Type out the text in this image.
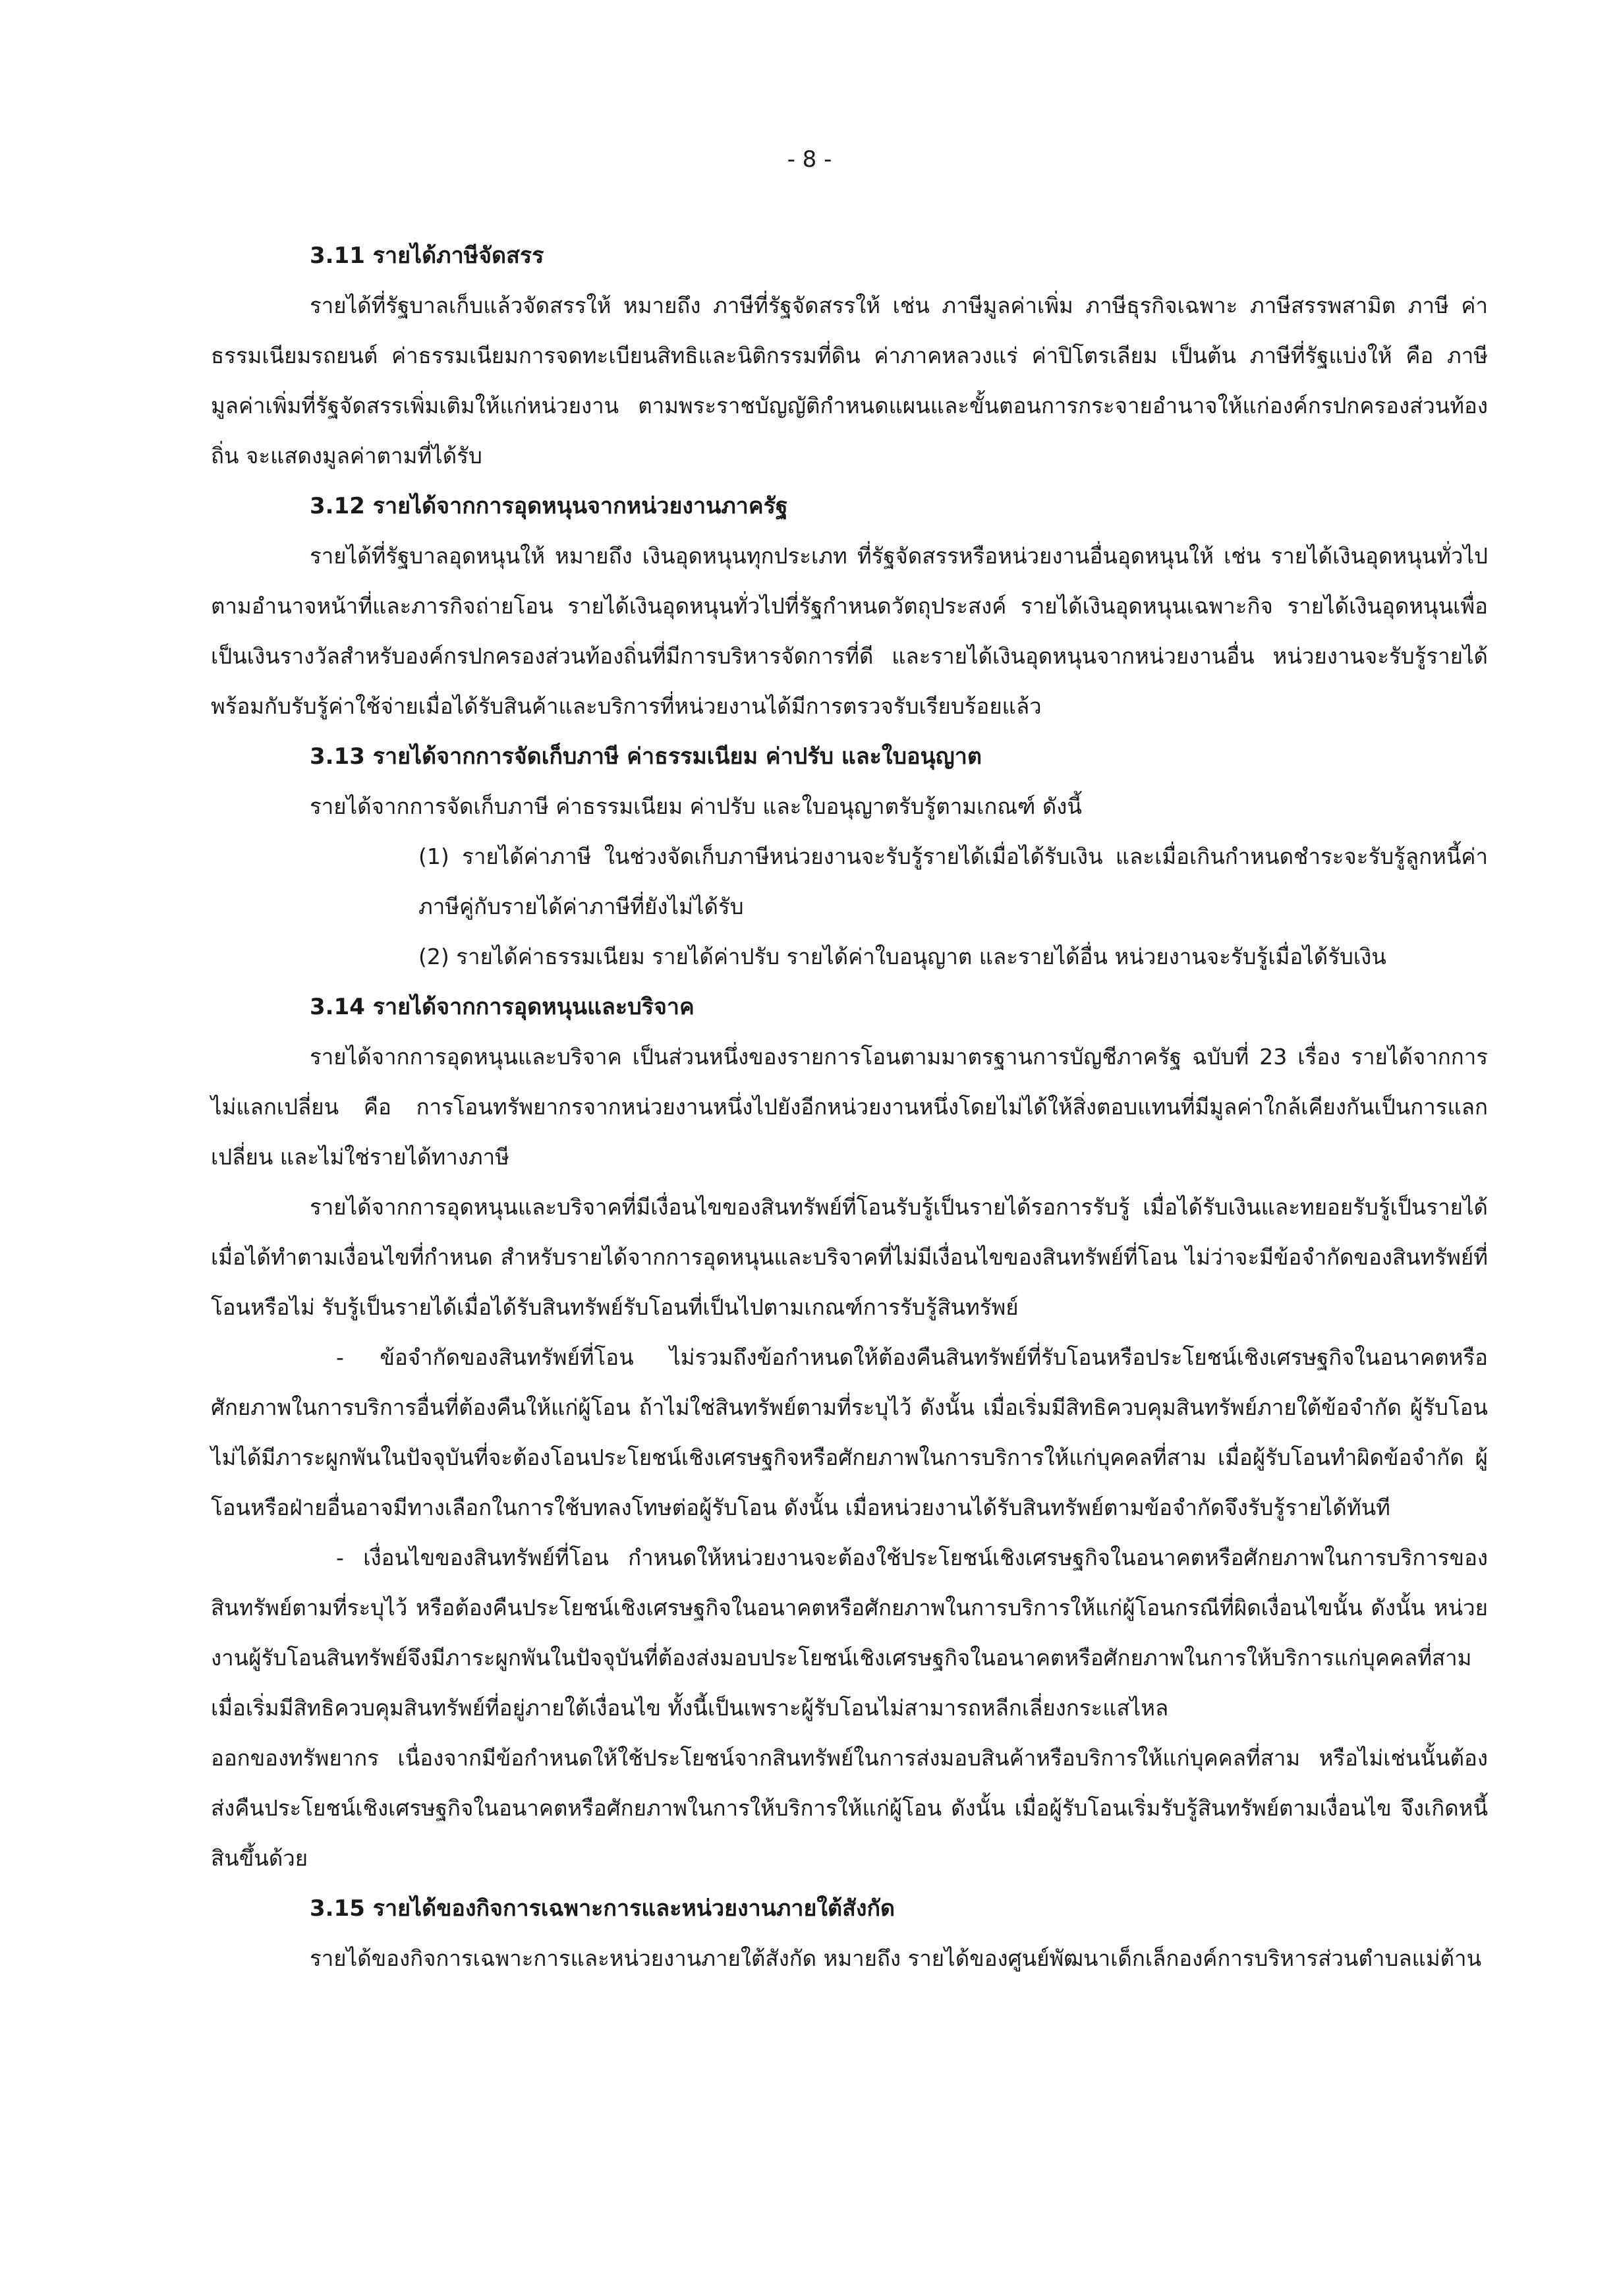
- 8 -
3.11 รายได้ภาษีจัดสรร

รายได้ที่รัฐบาลเก็บแล้วจัดสรรให้ หมายถึง ภาษีที่รัฐจัดสรรให้ เช่น ภาษีมูลค่าเพิ่ม ภาษีธุรกิจเฉพาะ ภาษีสรรพสามิต ภาษี ค่าธรรมเนียมรถยนต์ ค่าธรรมเนียมการจดทะเบียนสิทธิและนิติกรรมที่ดิน ค่าภาคหลวงแร่ ค่าปิโตรเลียม เป็นต้น ภาษีที่รัฐแบ่งให้ คือ ภาษีมูลค่าเพิ่มที่รัฐจัดสรรเพิ่มเติมให้แก่หน่วยงาน ตามพระราชบัญญัติกำหนดแผนและขั้นตอนการกระจายอำนาจให้แก่องค์กรปกครองส่วนท้องถิ่น จะแสดงมูลค่าตามที่ได้รับ

3.12 รายได้จากการอุดหนุนจากหน่วยงานภาครัฐ

รายได้ที่รัฐบาลอุดหนุนให้ หมายถึง เงินอุดหนุนทุกประเภท ที่รัฐจัดสรรหรือหน่วยงานอื่นอุดหนุนให้ เช่น รายได้เงินอุดหนุนทั่วไปตามอำนาจหน้าที่และภารกิจถ่ายโอน รายได้เงินอุดหนุนทั่วไปที่รัฐกำหนดวัตถุประสงค์ รายได้เงินอุดหนุนเฉพาะกิจ รายได้เงินอุดหนุนเพื่อเป็นเงินรางวัลสำหรับองค์กรปกครองส่วนท้องถิ่นที่มีการบริหารจัดการที่ดี และรายได้เงินอุดหนุนจากหน่วยงานอื่น หน่วยงานจะรับรู้รายได้พร้อมกับรับรู้ค่าใช้จ่ายเมื่อได้รับสินค้าและบริการที่หน่วยงานได้มีการตรวจรับเรียบร้อยแล้ว

3.13 รายได้จากการจัดเก็บภาษี ค่าธรรมเนียม ค่าปรับ และใบอนุญาต

รายได้จากการจัดเก็บภาษี ค่าธรรมเนียม ค่าปรับ และใบอนุญาตรับรู้ตามเกณฑ์ ดังนี้

(1) รายได้ค่าภาษี ในช่วงจัดเก็บภาษีหน่วยงานจะรับรู้รายได้เมื่อได้รับเงิน และเมื่อเกินกำหนดชำระจะรับรู้ลูกหนี้ค่าภาษีคู่กับรายได้ค่าภาษีที่ยังไม่ได้รับ

(2) รายได้ค่าธรรมเนียม รายได้ค่าปรับ รายได้ค่าใบอนุญาต และรายได้อื่น หน่วยงานจะรับรู้เมื่อได้รับเงิน

3.14 รายได้จากการอุดหนุนและบริจาค

รายได้จากการอุดหนุนและบริจาค เป็นส่วนหนึ่งของรายการโอนตามมาตรฐานการบัญชีภาครัฐ ฉบับที่ 23 เรื่อง รายได้จากการไม่แลกเปลี่ยน คือ การโอนทรัพยากรจากหน่วยงานหนึ่งไปยังอีกหน่วยงานหนึ่งโดยไม่ได้ให้สิ่งตอบแทนที่มีมูลค่าใกล้เคียงกันเป็นการแลกเปลี่ยน และไม่ใช่รายได้ทางภาษี

รายได้จากการอุดหนุนและบริจาคที่มีเงื่อนไขของสินทรัพย์ที่โอนรับรู้เป็นรายได้รอการรับรู้ เมื่อได้รับเงินและทยอยรับรู้เป็นรายได้เมื่อได้ทำตามเงื่อนไขที่กำหนด สำหรับรายได้จากการอุดหนุนและบริจาคที่ไม่มีเงื่อนไขของสินทรัพย์ที่โอน ไม่ว่าจะมีข้อจำกัดของสินทรัพย์ที่โอนหรือไม่ รับรู้เป็นรายได้เมื่อได้รับสินทรัพย์รับโอนที่เป็นไปตามเกณฑ์การรับรู้สินทรัพย์

- ข้อจำกัดของสินทรัพย์ที่โอน ไม่รวมถึงข้อกำหนดให้ต้องคืนสินทรัพย์ที่รับโอนหรือประโยชน์เชิงเศรษฐกิจในอนาคตหรือศักยภาพในการบริการอื่นที่ต้องคืนให้แก่ผู้โอน ถ้าไม่ใช่สินทรัพย์ตามที่ระบุไว้ ดังนั้น เมื่อเริ่มมีสิทธิควบคุมสินทรัพย์ภายใต้ข้อจำกัด ผู้รับโอนไม่ได้มีภาระผูกพันในปัจจุบันที่จะต้องโอนประโยชน์เชิงเศรษฐกิจหรือศักยภาพในการบริการให้แก่บุคคลที่สาม เมื่อผู้รับโอนทำผิดข้อจำกัด ผู้โอนหรือฝ่ายอื่นอาจมีทางเลือกในการใช้บทลงโทษต่อผู้รับโอน ดังนั้น เมื่อหน่วยงานได้รับสินทรัพย์ตามข้อจำกัดจึงรับรู้รายได้ทันที

- เงื่อนไขของสินทรัพย์ที่โอน กำหนดให้หน่วยงานจะต้องใช้ประโยชน์เชิงเศรษฐกิจในอนาคตหรือศักยภาพในการบริการของสินทรัพย์ตามที่ระบุไว้ หรือต้องคืนประโยชน์เชิงเศรษฐกิจในอนาคตหรือศักยภาพในการบริการให้แก่ผู้โอนกรณีที่ผิดเงื่อนไขนั้น ดังนั้น หน่วยงานผู้รับโอนสินทรัพย์จึงมีภาระผูกพันในปัจจุบันที่ต้องส่งมอบประโยชน์เชิงเศรษฐกิจในอนาคตหรือศักยภาพในการให้บริการแก่บุคคลที่สามเมื่อเริ่มมีสิทธิควบคุมสินทรัพย์ที่อยู่ภายใต้เงื่อนไข ทั้งนี้เป็นเพราะผู้รับโอนไม่สามารถหลีกเลี่ยงกระแสไหล

ออกของทรัพยากร เนื่องจากมีข้อกำหนดให้ใช้ประโยชน์จากสินทรัพย์ในการส่งมอบสินค้าหรือบริการให้แก่บุคคลที่สาม หรือไม่เช่นนั้นต้องส่งคืนประโยชน์เชิงเศรษฐกิจในอนาคตหรือศักยภาพในการให้บริการให้แก่ผู้โอน ดังนั้น เมื่อผู้รับโอนเริ่มรับรู้สินทรัพย์ตามเงื่อนไข จึงเกิดหนี้สินขึ้นด้วย

3.15 รายได้ของกิจการเฉพาะการและหน่วยงานภายใต้สังกัด

รายได้ของกิจการเฉพาะการและหน่วยงานภายใต้สังกัด หมายถึง รายได้ของศูนย์พัฒนาเด็กเล็กองค์การบริหารส่วนตำบลแม่ต้าน
